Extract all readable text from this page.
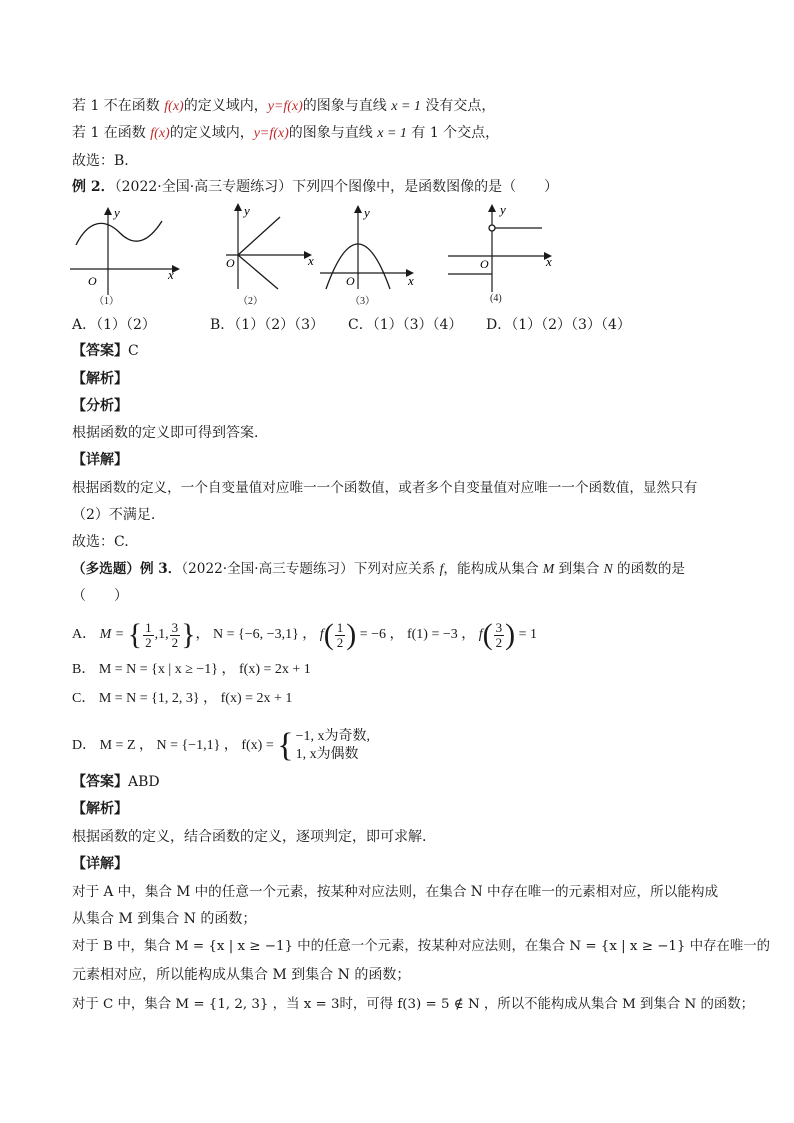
若 1 不在函数 f(x)的定义域内，y=f(x)的图象与直线 x = 1 没有交点，
若 1 在函数 f(x)的定义域内，y=f(x)的图象与直线 x = 1 有 1 个交点，
故选：B.
例 2．（2022·全国·高三专题练习）下列四个图像中，是函数图像的是（　　）
y
x
O
（1）
y
x
O
（2）
y
x
O
（3）
y
x
O
(4)
A．（1）（2）	B．（1）（2）（3） C．（1）（3）（4） D．（1）（2）（3）（4）
【答案】C
【解析】
【分析】
根据函数的定义即可得到答案.
【详解】
根据函数的定义，一个自变量值对应唯一一个函数值，或者多个自变量值对应唯一一个函数值，显然只有
（2）不满足.
故选：C.
（多选题）例 3．（2022·全国·高三专题练习）下列对应关系 f，能构成从集合 M 到集合 N 的函数的是
（　　）
A． M = { $\frac{1}{2} ,1$, $\frac{3}{2}$ }， N = {−6, −3,1} ， $f( \frac{1}{2}$ ) = −6 ， f(1) = −3 ， $f( \frac{3}{2}$ ) = 1
B． M = N = {x | x ≥ −1} ， f(x) = 2x + 1
C． M = N = {1, 2, 3} ， f(x) = 2x + 1
D． M = Z ， N = {−1,1} ， f(x) = { −1, x为奇数,
1, x为偶数
【答案】ABD
【解析】
根据函数的定义，结合函数的定义，逐项判定，即可求解.
【详解】
对于 A 中，集合 M 中的任意一个元素，按某种对应法则，在集合 N 中存在唯一的元素相对应，所以能构成
从集合 M 到集合 N 的函数；
对于 B 中，集合 M = {x | x ≥ −1} 中的任意一个元素，按某种对应法则，在集合 N = {x | x ≥ −1} 中存在唯一的
元素相对应，所以能构成从集合 M 到集合 N 的函数；
对于 C 中，集合 M = {1, 2, 3} ，当 x = 3时，可得 f(3) = 5 ∉ N ，所以不能构成从集合 M 到集合 N 的函数；
